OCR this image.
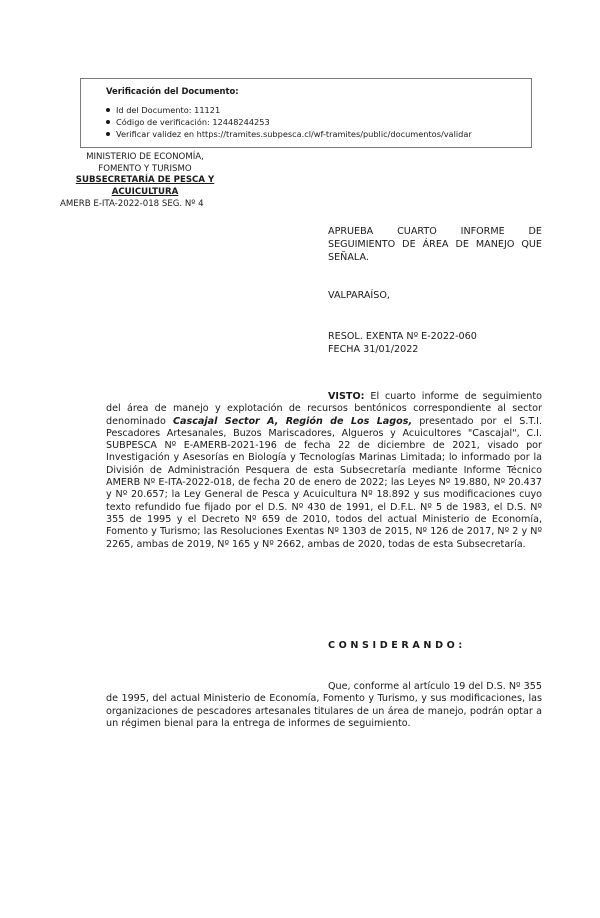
Verificación del Documento:
Id del Documento: 11121
Código de verificación: 12448244253
Verificar validez en https://tramites.subpesca.cl/wf-tramites/public/documentos/validar
MINISTERIO DE ECONOMÍA,
FOMENTO Y TURISMO
SUBSECRETARÍA DE PESCA Y
ACUICULTURA
AMERB E-ITA-2022-018 SEG. Nº 4
APRUEBA CUARTO INFORME DE SEGUIMIENTO DE ÁREA DE MANEJO QUE SEÑALA.
VALPARAÍSO,
RESOL. EXENTA Nº E-2022-060
FECHA 31/01/2022
VISTO: El cuarto informe de seguimiento del área de manejo y explotación de recursos bentónicos correspondiente al sector denominado Cascajal Sector A, Región de Los Lagos, presentado por el S.T.I. Pescadores Artesanales, Buzos Mariscadores, Algueros y Acuicultores "Cascajal", C.I. SUBPESCA Nº E-AMERB-2021-196 de fecha 22 de diciembre de 2021, visado por Investigación y Asesorías en Biología y Tecnologías Marinas Limitada; lo informado por la División de Administración Pesquera de esta Subsecretaría mediante Informe Técnico AMERB Nº E-ITA-2022-018, de fecha 20 de enero de 2022; las Leyes Nº 19.880, Nº 20.437 y Nº 20.657; la Ley General de Pesca y Acuicultura Nº 18.892 y sus modificaciones cuyo texto refundido fue fijado por el D.S. Nº 430 de 1991, el D.F.L. Nº 5 de 1983, el D.S. Nº 355 de 1995 y el Decreto Nº 659 de 2010, todos del actual Ministerio de Economía, Fomento y Turismo; las Resoluciones Exentas Nº 1303 de 2015, Nº 126 de 2017, Nº 2 y Nº 2265, ambas de 2019, Nº 165 y Nº 2662, ambas de 2020, todas de esta Subsecretaría.
CONSIDERANDO:
Que, conforme al artículo 19 del D.S. Nº 355 de 1995, del actual Ministerio de Economía, Fomento y Turismo, y sus modificaciones, las organizaciones de pescadores artesanales titulares de un área de manejo, podrán optar a un régimen bienal para la entrega de informes de seguimiento.
